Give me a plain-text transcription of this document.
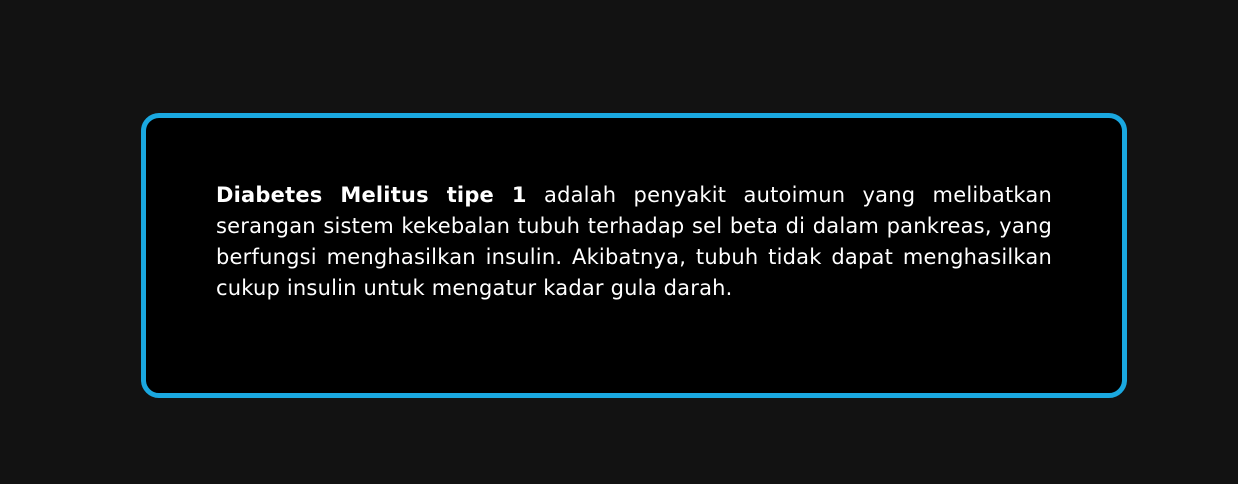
Diabetes Melitus tipe 1 adalah penyakit autoimun yang melibatkan serangan sistem kekebalan tubuh terhadap sel beta di dalam pankreas, yang berfungsi menghasilkan insulin. Akibatnya, tubuh tidak dapat menghasilkan cukup insulin untuk mengatur kadar gula darah.
